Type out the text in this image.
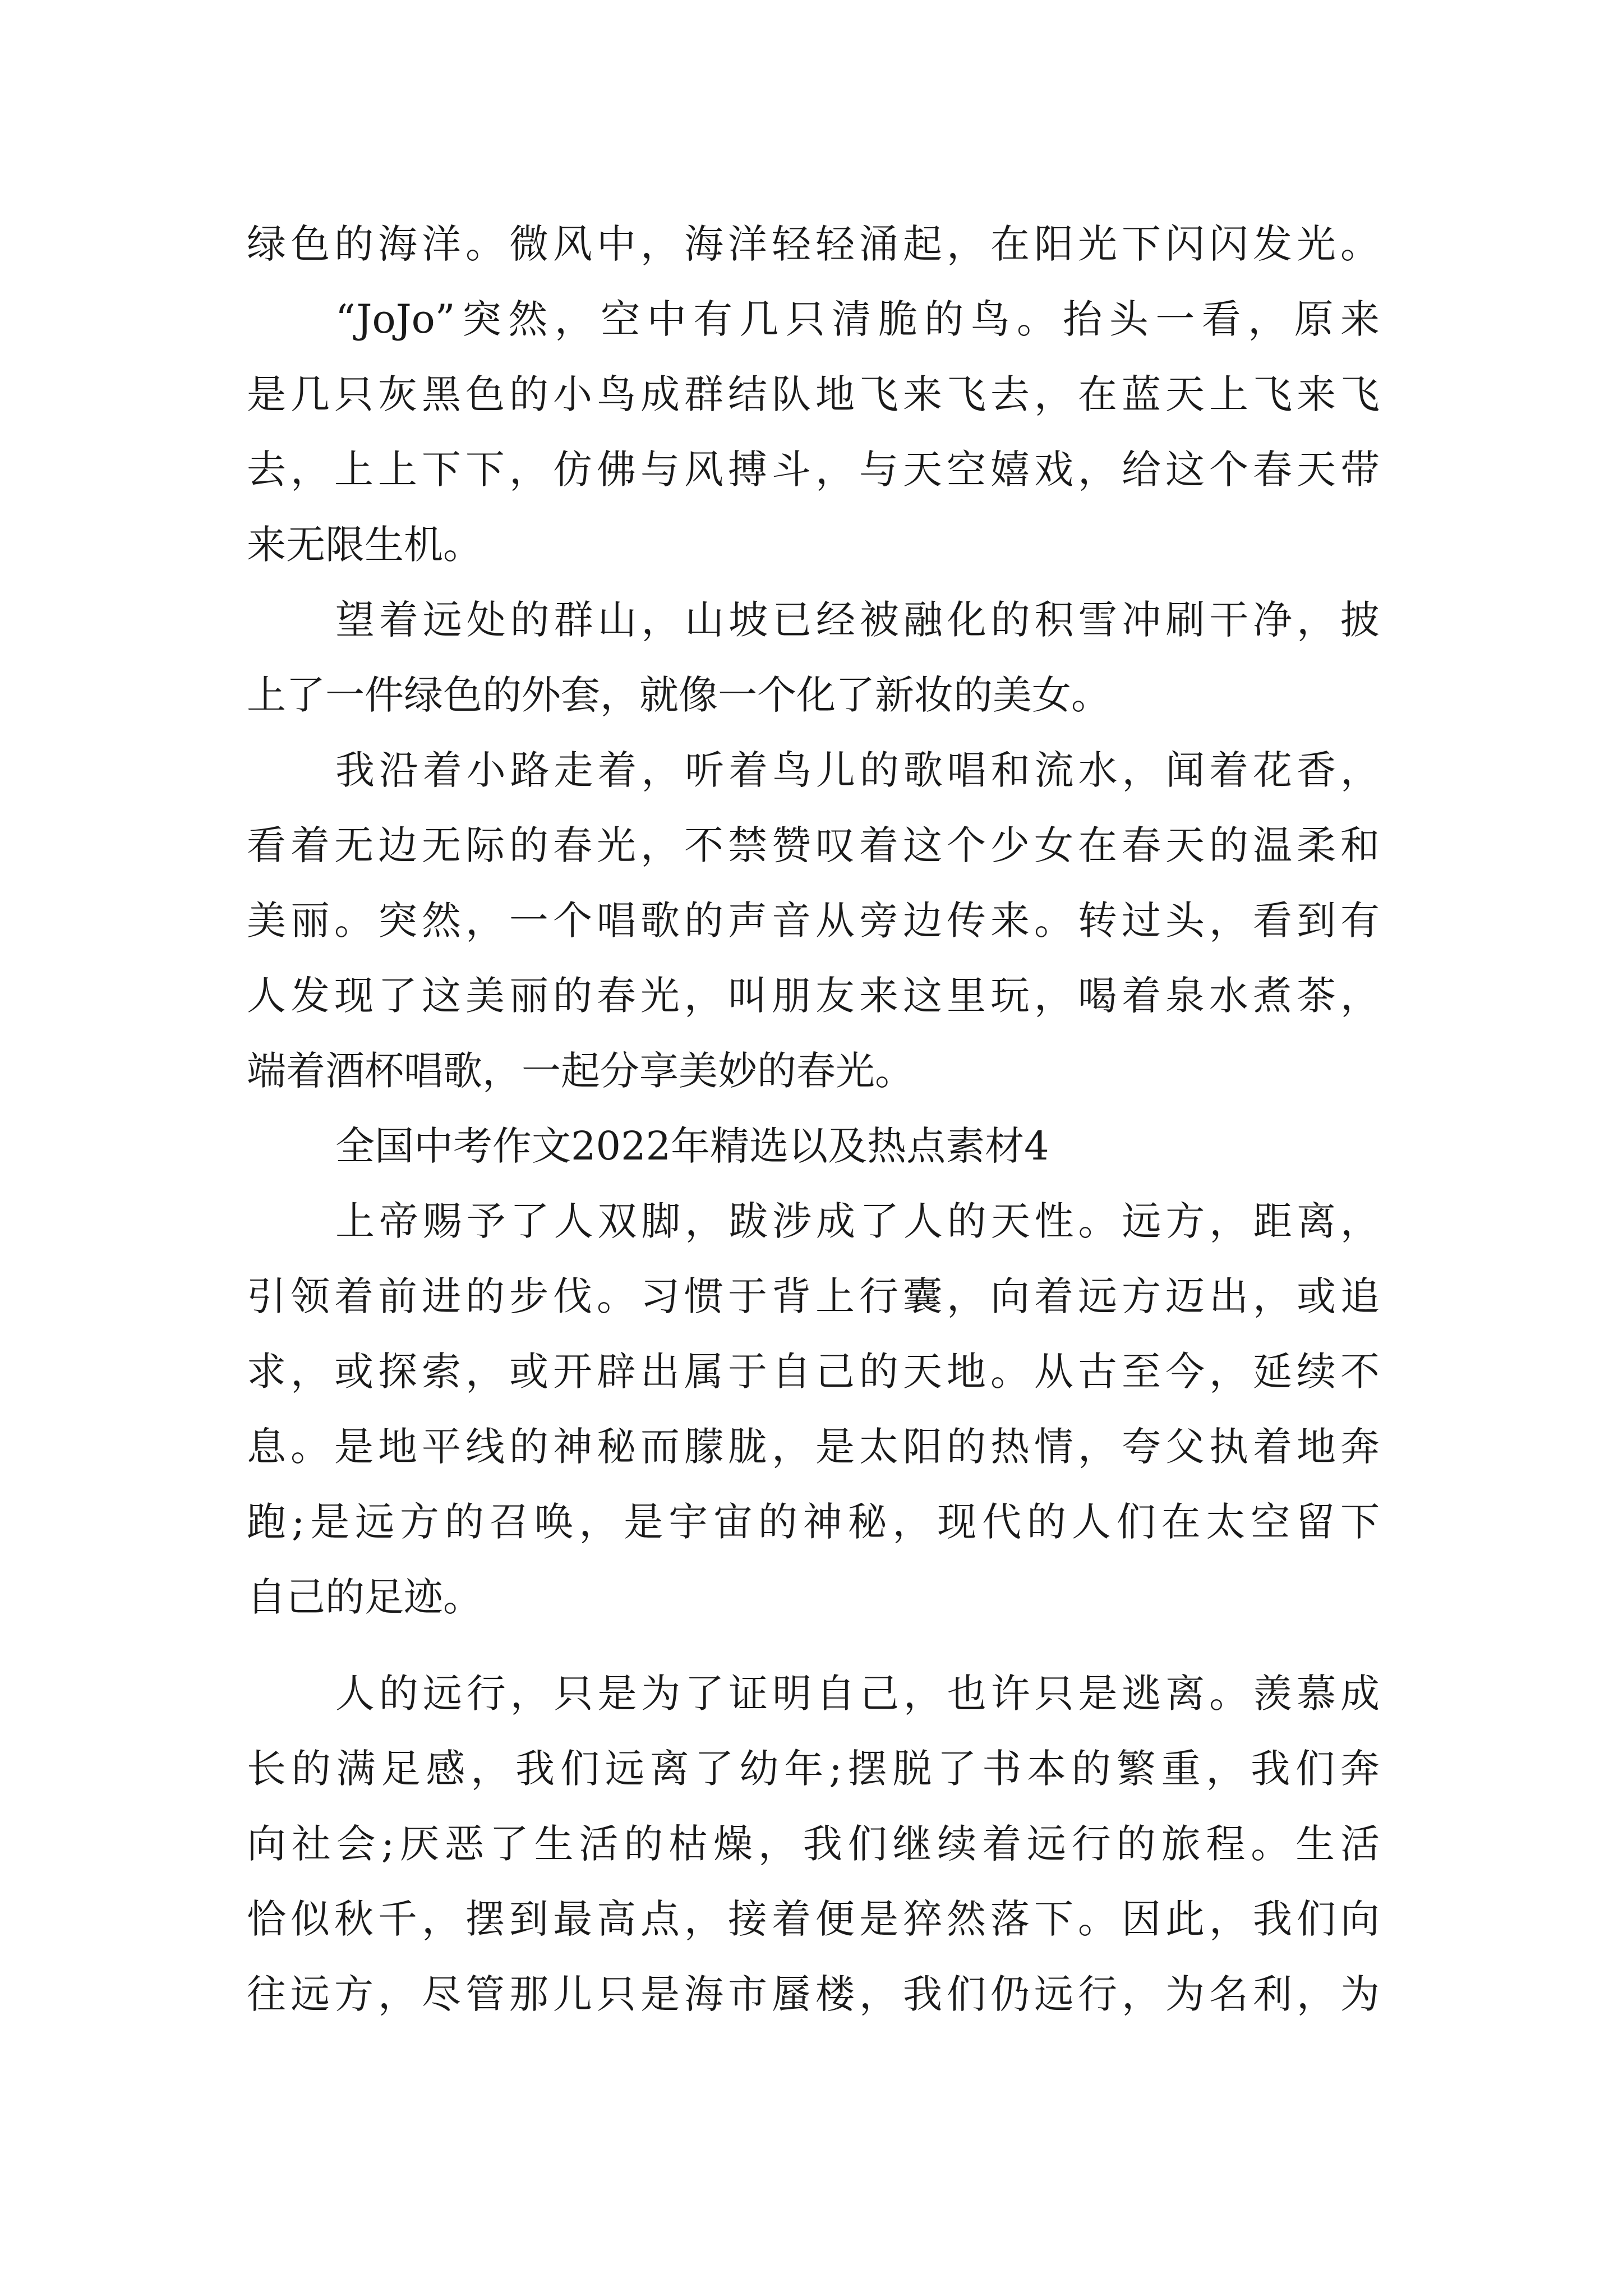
绿色的海洋。微风中，海洋轻轻涌起，在阳光下闪闪发光。
“JoJo”突然，空中有几只清脆的鸟。抬头一看，原来
是几只灰黑色的小鸟成群结队地飞来飞去，在蓝天上飞来飞
去，上上下下，仿佛与风搏斗，与天空嬉戏，给这个春天带
来无限生机。
望着远处的群山，山坡已经被融化的积雪冲刷干净，披
上了一件绿色的外套，就像一个化了新妆的美女。
我沿着小路走着，听着鸟儿的歌唱和流水，闻着花香，
看着无边无际的春光，不禁赞叹着这个少女在春天的温柔和
美丽。突然，一个唱歌的声音从旁边传来。转过头，看到有
人发现了这美丽的春光，叫朋友来这里玩，喝着泉水煮茶，
端着酒杯唱歌，一起分享美妙的春光。
全国中考作文2022年精选以及热点素材4
上帝赐予了人双脚，跋涉成了人的天性。远方，距离，
引领着前进的步伐。习惯于背上行囊，向着远方迈出，或追
求，或探索，或开辟出属于自己的天地。从古至今，延续不
息。是地平线的神秘而朦胧，是太阳的热情，夸父执着地奔
跑;是远方的召唤，是宇宙的神秘，现代的人们在太空留下
自己的足迹。
人的远行，只是为了证明自己，也许只是逃离。羡慕成
长的满足感，我们远离了幼年;摆脱了书本的繁重，我们奔
向社会;厌恶了生活的枯燥，我们继续着远行的旅程。生活
恰似秋千，摆到最高点，接着便是猝然落下。因此，我们向
往远方，尽管那儿只是海市蜃楼，我们仍远行，为名利，为
